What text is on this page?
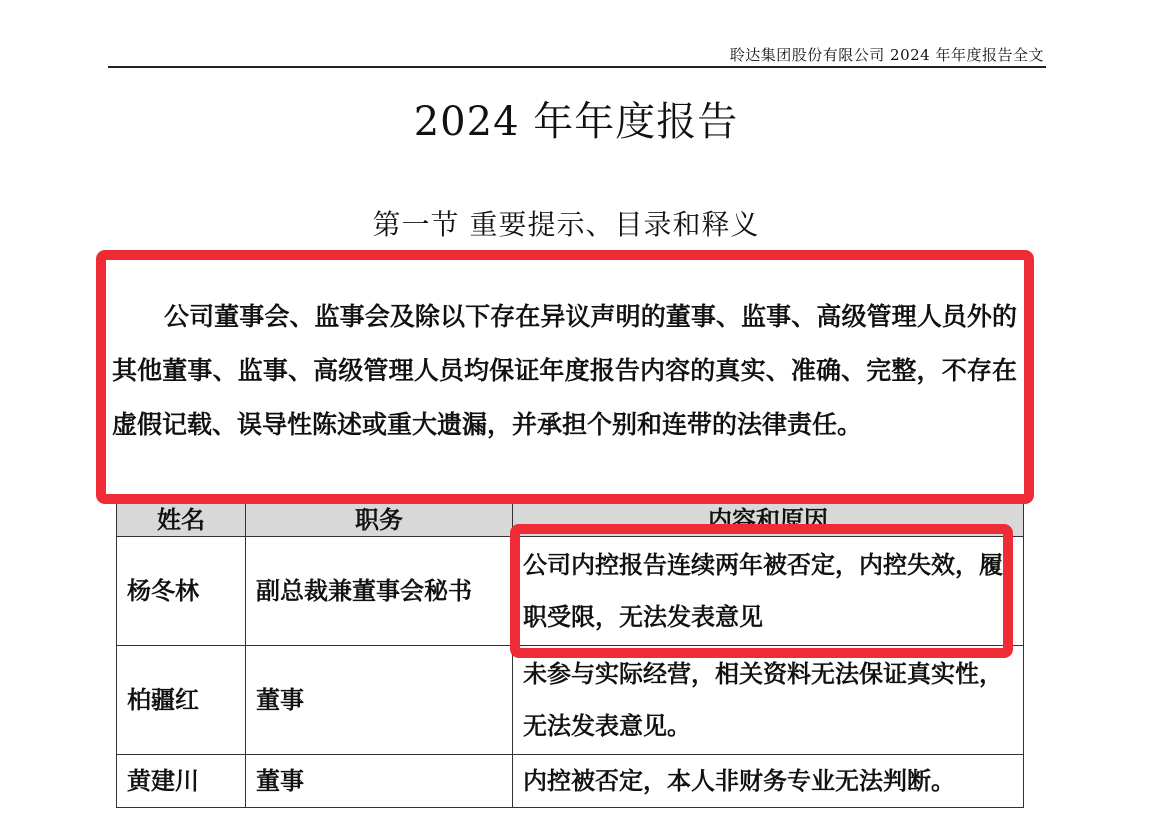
聆达集团股份有限公司 2024 年年度报告全文
2024 年年度报告
第一节 重要提示、目录和释义
公司董事会、监事会及除以下存在异议声明的董事、监事、高级管理人员外的其他董事、监事、高级管理人员均保证年度报告内容的真实、准确、完整，不存在虚假记载、误导性陈述或重大遗漏，并承担个别和连带的法律责任。
姓名	职务	内容和原因
杨冬林	副总裁兼董事会秘书	公司内控报告连续两年被否定，内控失效，履职受限，无法发表意见
柏疆红	董事	未参与实际经营，相关资料无法保证真实性，无法发表意见。
黄建川	董事	内控被否定，本人非财务专业无法判断。
